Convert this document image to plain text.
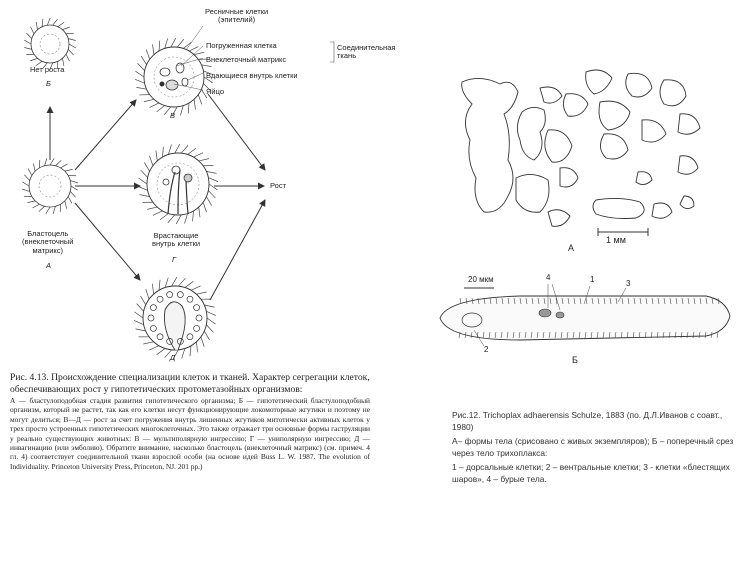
Ресничные клетки
(эпителий)
Погруженная клетка
Внеклеточный матрикс
Вдающиеся внутрь клетки
Яйцо
Соединительная
ткань
Нет роста
Б
В
Бластоцель
(внеклеточный
матрикс)
А
Врастающие
внутрь клетки
Г
Рост
Д
Рис. 4.13. Происхождение специализации клеток и тканей. Характер сегрегации клеток, обеспечивающих рост у гипотетических протометазойных организмов:
А — бластулоподобная стадия развития гипотетического организма; Б — гипотетический бластулоподобный организм, который не растет, так как его клетки несут функционирующие локомоторные жгутики и поэтому не могут делиться; В—Д — рост за счет погружения внутрь лишенных жгутиков митотически активных клеток у трех просто устроенных гипотетических многоклеточных. Это также отражает три основные формы гаструляции у реально существующих животных: В — мультиполярную ингрессию; Г — униполярную ингрессию; Д — инвагинацию (или эмболию). Обратите внимание, насколько бластоцель (внеклеточный матрикс) (см. примеч. 4 гл. 4) соответствует соединительной ткани взрослой особи (на основе идей Buss L. W. 1987. The evolution of Individuality. Princeton University Press, Princeton, NJ. 201 pp.)
А
1 мм
20 мкм	4	1	3
2
Б
Рис.12. Trichoplax adhaerensis Schulze, 1883 (по. Д.Л.Иванов с соавт., 1980)
А– формы тела (срисовано с живых экземпляров); Б – поперечный срез через тело трихоплакса:
1 – дорсальные клетки; 2 – вентральные клетки; 3 - клетки «блестящих шаров», 4 – бурые тела.
